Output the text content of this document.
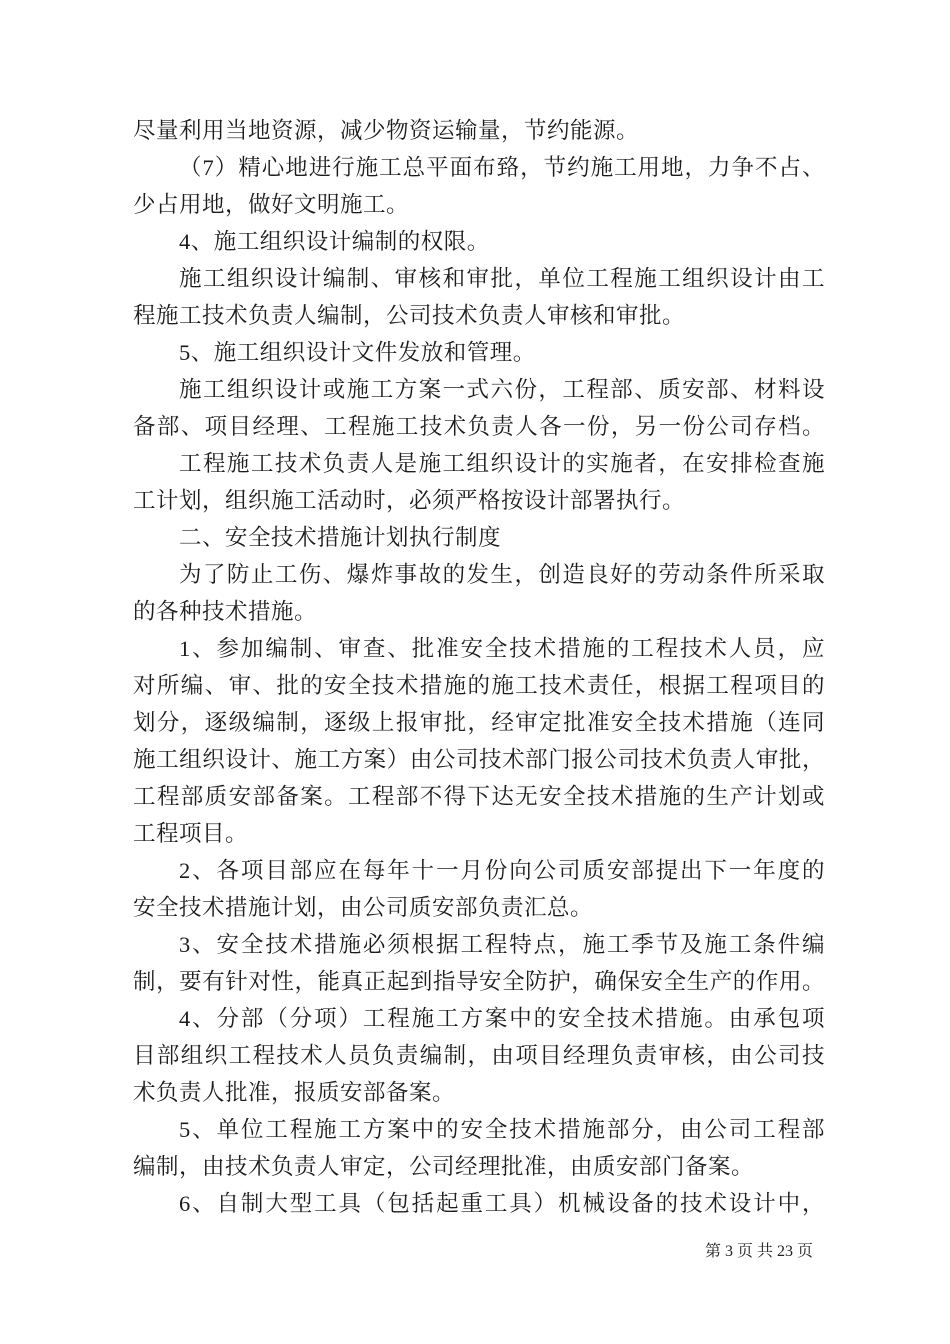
尽量利用当地资源，减少物资运输量，节约能源。
（7）精心地进行施工总平面布臵，节约施工用地，力争不占、
少占用地，做好文明施工。
4、施工组织设计编制的权限。
施工组织设计编制、审核和审批，单位工程施工组织设计由工
程施工技术负责人编制，公司技术负责人审核和审批。
5、施工组织设计文件发放和管理。
施工组织设计或施工方案一式六份，工程部、质安部、材料设
备部、项目经理、工程施工技术负责人各一份，另一份公司存档。
工程施工技术负责人是施工组织设计的实施者，在安排检查施
工计划，组织施工活动时，必须严格按设计部署执行。
二、安全技术措施计划执行制度
为了防止工伤、爆炸事故的发生，创造良好的劳动条件所采取
的各种技术措施。
1、参加编制、审查、批准安全技术措施的工程技术人员，应
对所编、审、批的安全技术措施的施工技术责任，根据工程项目的
划分，逐级编制，逐级上报审批，经审定批准安全技术措施（连同
施工组织设计、施工方案）由公司技术部门报公司技术负责人审批，
工程部质安部备案。工程部不得下达无安全技术措施的生产计划或
工程项目。
2、各项目部应在每年十一月份向公司质安部提出下一年度的
安全技术措施计划，由公司质安部负责汇总。
3、安全技术措施必须根据工程特点，施工季节及施工条件编
制，要有针对性，能真正起到指导安全防护，确保安全生产的作用。
4、分部（分项）工程施工方案中的安全技术措施。由承包项
目部组织工程技术人员负责编制，由项目经理负责审核，由公司技
术负责人批准，报质安部备案。
5、单位工程施工方案中的安全技术措施部分，由公司工程部
编制，由技术负责人审定，公司经理批准，由质安部门备案。
6、自制大型工具（包括起重工具）机械设备的技术设计中，
第 3 页 共 23 页
